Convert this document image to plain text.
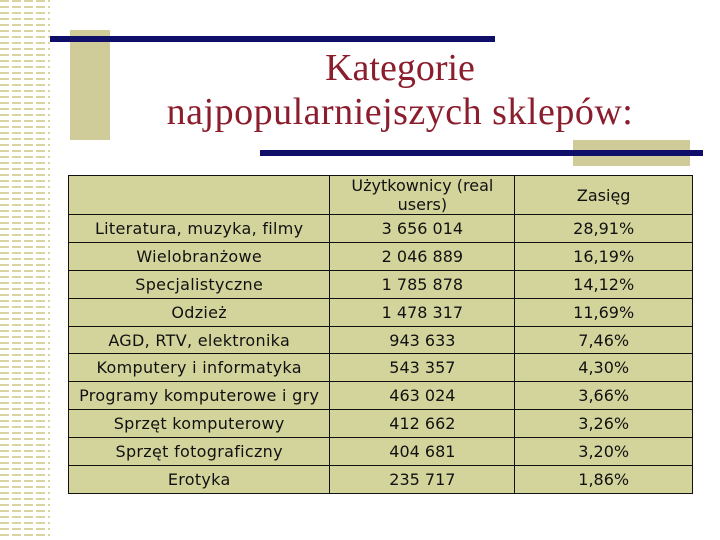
Kategorie
najpopularniejszych sklepów:
	Użytkownicy (real users)	Zasięg
Literatura, muzyka, filmy	3 656 014	28,91%
Wielobranżowe	2 046 889	16,19%
Specjalistyczne	1 785 878	14,12%
Odzież	1 478 317	11,69%
AGD, RTV, elektronika	943 633	7,46%
Komputery i informatyka	543 357	4,30%
Programy komputerowe i gry	463 024	3,66%
Sprzęt komputerowy	412 662	3,26%
Sprzęt fotograficzny	404 681	3,20%
Erotyka	235 717	1,86%
